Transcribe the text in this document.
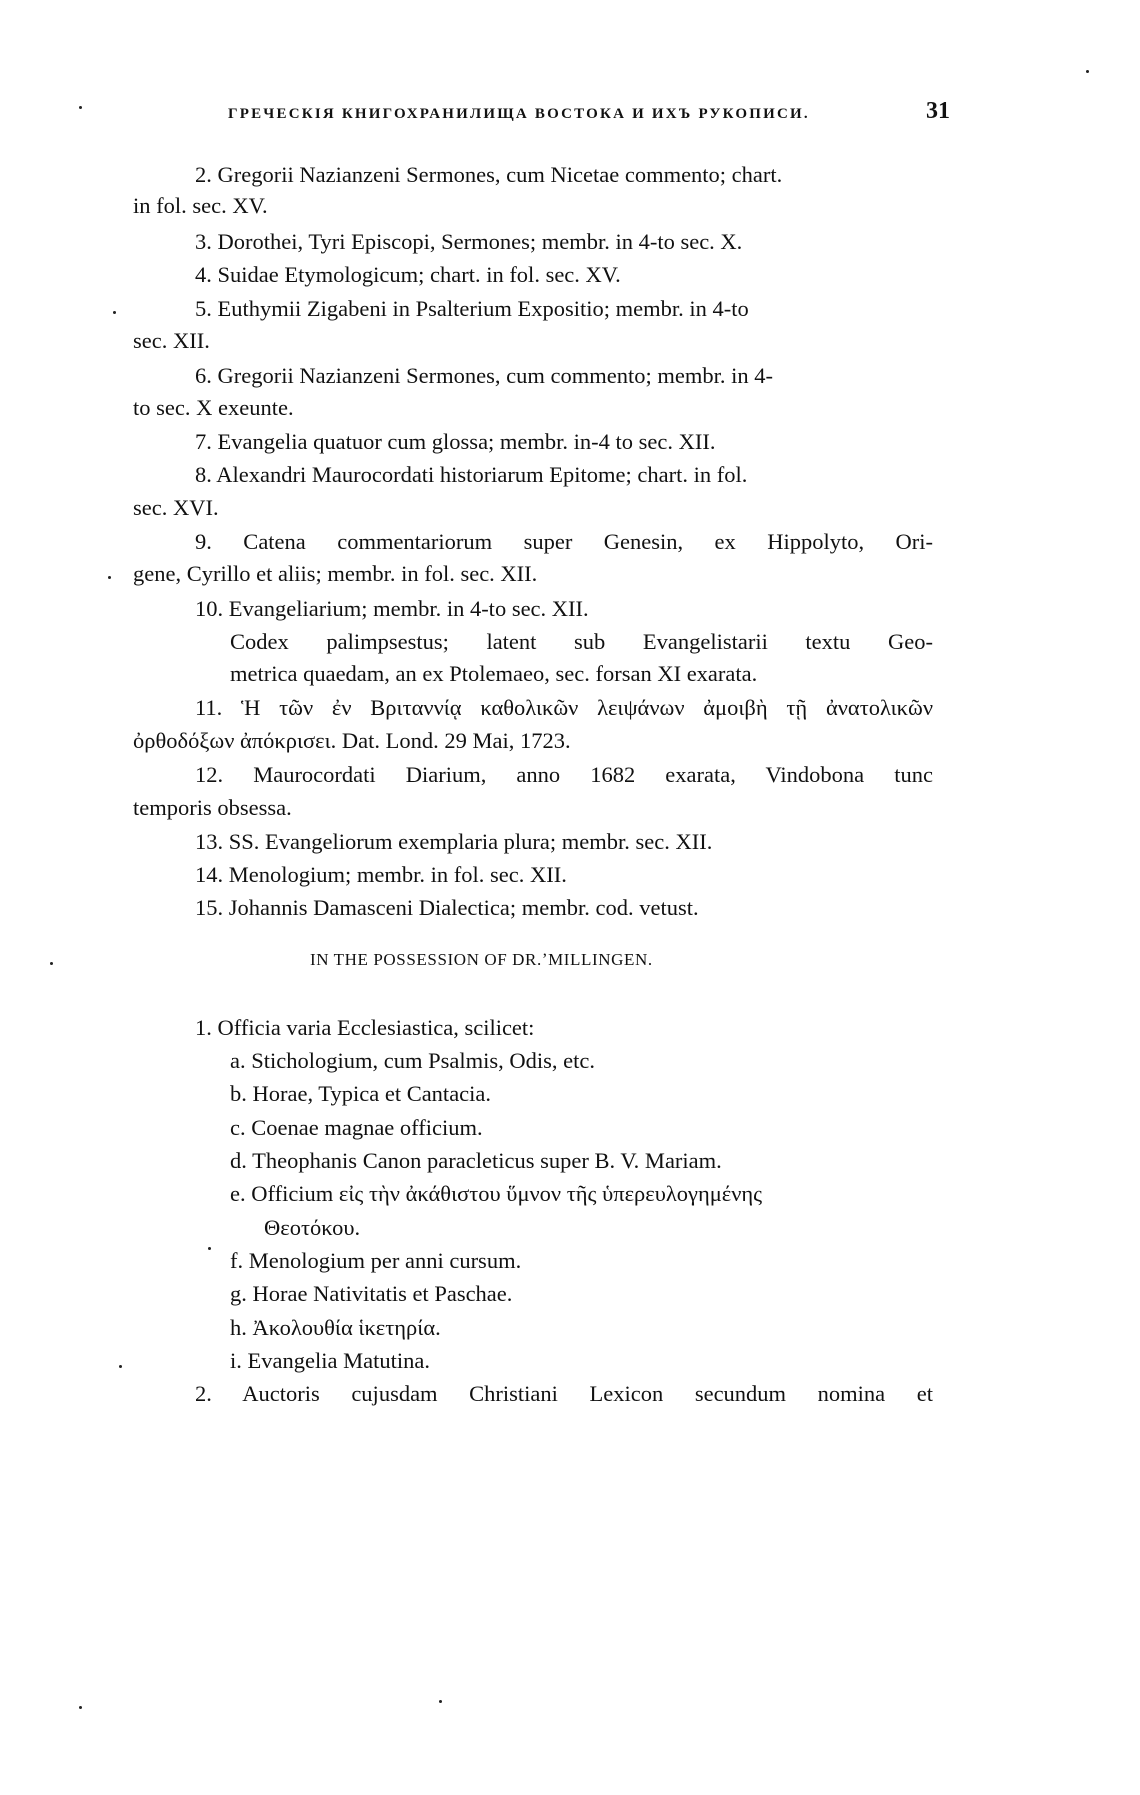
ГРЕЧЕСКІЯ КНИГОХРАНИЛИЩА ВОСТОКА И ИХЪ РУКОПИСИ.	31
2. Gregorii Nazianzeni Sermones, cum Nicetae commento; chart.
in fol. sec. XV.
3. Dorothei, Tyri Episcopi, Sermones; membr. in 4-to sec. X.
4. Suidae Etymologicum; chart. in fol. sec. XV.
5. Euthymii Zigabeni in Psalterium Expositio; membr. in 4-to
sec. XII.
6. Gregorii Nazianzeni Sermones, cum commento; membr. in 4-
to sec. X exeunte.
7. Evangelia quatuor cum glossa; membr. in-4 to sec. XII.
8. Alexandri Maurocordati historiarum Epitome; chart. in fol.
sec. XVI.
9. Catena commentariorum super Genesin, ex Hippolyto, Ori-
gene, Cyrillo et aliis; membr. in fol. sec. XII.
10. Evangeliarium; membr. in 4-to sec. XII.
Codex palimpsestus; latent sub Evangelistarii textu Geo-
metrica quaedam, an ex Ptolemaeo, sec. forsan XI exarata.
11. Ἡ τῶν ἐν Βριταννίᾳ καθολικῶν λειψάνων ἀμοιβὴ τῇ ἀνατολικῶν
ὀρθοδόξων ἀπόκρισει. Dat. Lond. 29 Mai, 1723.
12. Maurocordati Diarium, anno 1682 exarata, Vindobona tunc
temporis obsessa.
13. SS. Evangeliorum exemplaria plura; membr. sec. XII.
14. Menologium; membr. in fol. sec. XII.
15. Johannis Damasceni Dialectica; membr. cod. vetust.
IN THE POSSESSION OF DR.ʼMILLINGEN.
1. Officia varia Ecclesiastica, scilicet:
a. Stichologium, cum Psalmis, Odis, etc.
b. Horae, Typica et Cantacia.
c. Coenae magnae officium.
d. Theophanis Canon paracleticus super B. V. Mariam.
e. Officium εἰς τὴν ἀκάθιστου ὕμνον τῆς ὑπερευλογημένης
Θεοτόκου.
f. Menologium per anni cursum.
g. Horae Nativitatis et Paschae.
h. Ἀκολουθία ἱκετηρία.
i. Evangelia Matutina.
2. Auctoris cujusdam Christiani Lexicon secundum nomina et
